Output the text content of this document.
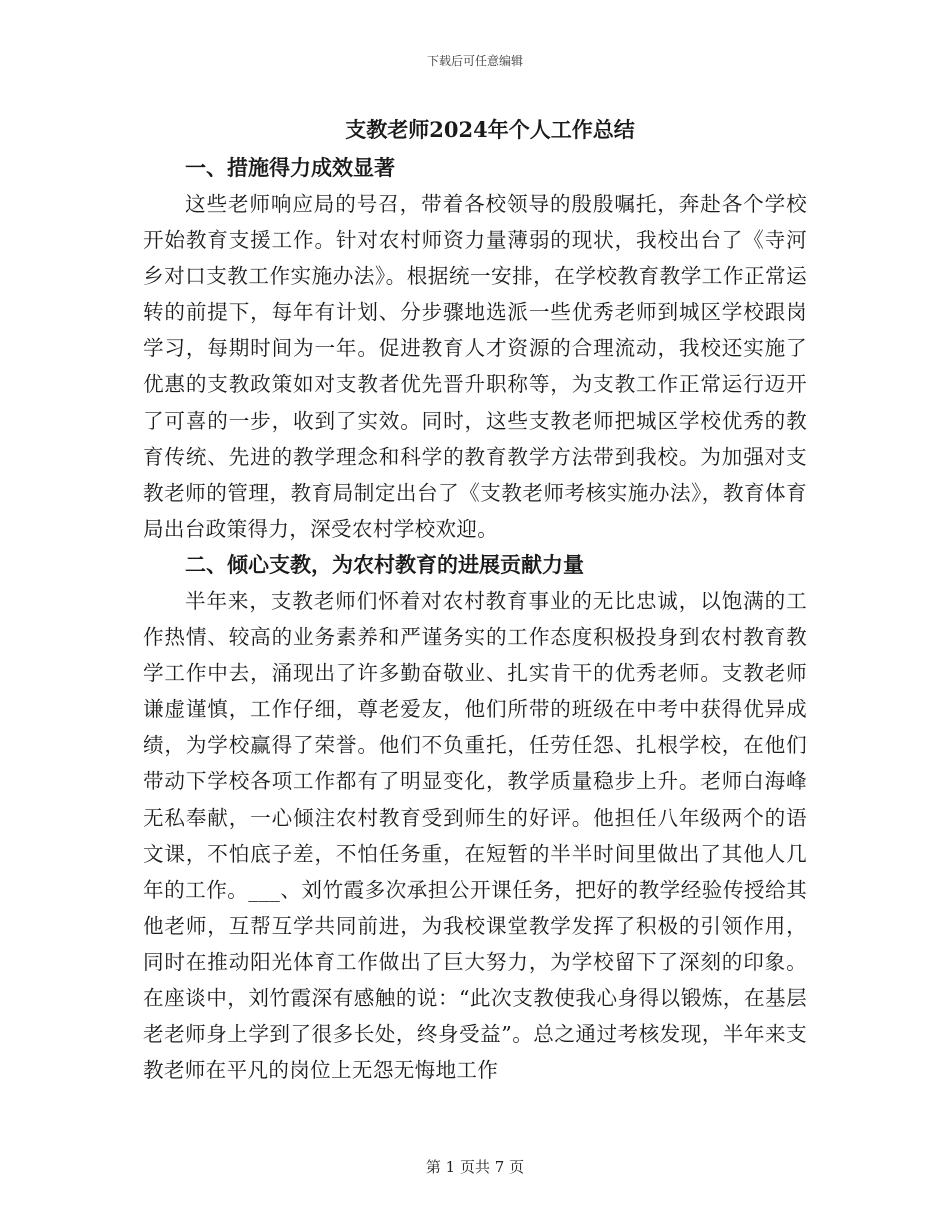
下载后可任意编辑
支教老师2024年个人工作总结
一、措施得力成效显著

这些老师响应局的号召，带着各校领导的殷殷嘱托，奔赴各个学校开始教育支援工作。针对农村师资力量薄弱的现状，我校出台了《寺河乡对口支教工作实施办法》。根据统一安排，在学校教育教学工作正常运转的前提下，每年有计划、分步骤地选派一些优秀老师到城区学校跟岗学习，每期时间为一年。促进教育人才资源的合理流动，我校还实施了优惠的支教政策如对支教者优先晋升职称等，为支教工作正常运行迈开了可喜的一步，收到了实效。同时，这些支教老师把城区学校优秀的教育传统、先进的教学理念和科学的教育教学方法带到我校。为加强对支教老师的管理，教育局制定出台了《支教老师考核实施办法》，教育体育局出台政策得力，深受农村学校欢迎。

二、倾心支教，为农村教育的进展贡献力量

半年来，支教老师们怀着对农村教育事业的无比忠诚，以饱满的工作热情、较高的业务素养和严谨务实的工作态度积极投身到农村教育教学工作中去，涌现出了许多勤奋敬业、扎实肯干的优秀老师。支教老师谦虚谨慎，工作仔细，尊老爱友，他们所带的班级在中考中获得优异成绩，为学校赢得了荣誉。他们不负重托，任劳任怨、扎根学校，在他们带动下学校各项工作都有了明显变化，教学质量稳步上升。老师白海峰无私奉献，一心倾注农村教育受到师生的好评。他担任八年级两个的语文课，不怕底子差，不怕任务重，在短暂的半半时间里做出了其他人几年的工作。___、刘竹霞多次承担公开课任务，把好的教学经验传授给其他老师，互帮互学共同前进，为我校课堂教学发挥了积极的引领作用，同时在推动阳光体育工作做出了巨大努力，为学校留下了深刻的印象。在座谈中，刘竹霞深有感触的说：“此次支教使我心身得以锻炼，在基层老老师身上学到了很多长处，终身受益”。总之通过考核发现，半年来支教老师在平凡的岗位上无怨无悔地工作

第 1 页共 7 页
